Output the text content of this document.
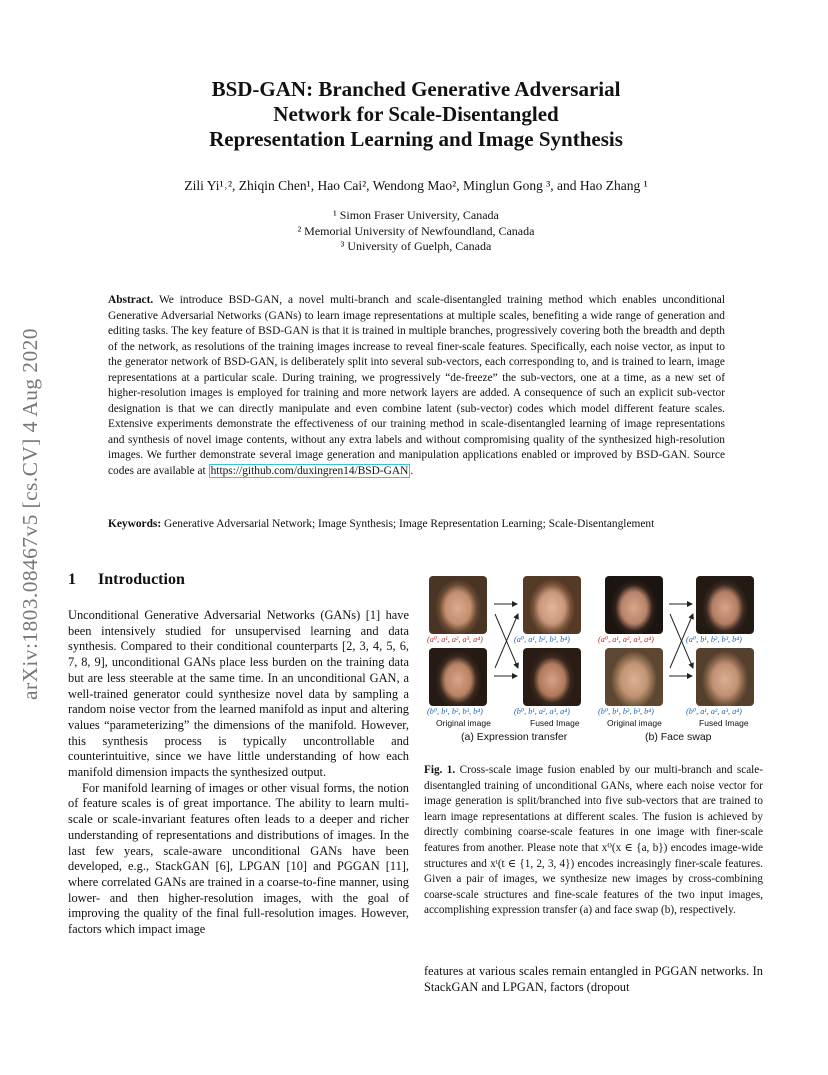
arXiv:1803.08467v5 [cs.CV] 4 Aug 2020
BSD-GAN: Branched Generative Adversarial
Network for Scale-Disentangled
Representation Learning and Image Synthesis
Zili Yi¹˒², Zhiqin Chen¹, Hao Cai², Wendong Mao², Minglun Gong ³, and Hao Zhang ¹
¹ Simon Fraser University, Canada
² Memorial University of Newfoundland, Canada
³ University of Guelph, Canada
Abstract. We introduce BSD-GAN, a novel multi-branch and scale-disentangled training method which enables unconditional Generative Adversarial Networks (GANs) to learn image representations at multiple scales, benefiting a wide range of generation and editing tasks. The key feature of BSD-GAN is that it is trained in multiple branches, progressively covering both the breadth and depth of the network, as resolutions of the training images increase to reveal finer-scale features. Specifically, each noise vector, as input to the generator network of BSD-GAN, is deliberately split into several sub-vectors, each corresponding to, and is trained to learn, image representations at a particular scale. During training, we progressively “de-freeze” the sub-vectors, one at a time, as a new set of higher-resolution images is employed for training and more network layers are added. A consequence of such an explicit sub-vector designation is that we can directly manipulate and even combine latent (sub-vector) codes which model different feature scales. Extensive experiments demonstrate the effectiveness of our training method in scale-disentangled learning of image representations and synthesis of novel image contents, without any extra labels and without compromising quality of the synthesized high-resolution images. We further demonstrate several image generation and manipulation applications enabled or improved by BSD-GAN. Source codes are available at https://github.com/duxingren14/BSD-GAN .
Keywords: Generative Adversarial Network; Image Synthesis; Image Representation Learning; Scale-Disentanglement
1 Introduction

Unconditional Generative Adversarial Networks (GANs) [1] have been intensively studied for unsupervised learning and data synthesis. Compared to their conditional counterparts [2, 3, 4, 5, 6, 7, 8, 9], unconditional GANs place less burden on the training data but are less steerable at the same time. In an unconditional GAN, a well-trained generator could synthesize novel data by sampling a random noise vector from the learned manifold as input and altering values “parameterizing” the dimensions of the manifold. However, this synthesis process is typically uncontrollable and counterintuitive, since we have little understanding of how each manifold dimension impacts the synthesized output.

For manifold learning of images or other visual forms, the notion of feature scales is of great importance. The ability to learn multi-scale or scale-invariant features often leads to a deeper and richer understanding of representations and distributions of images. In the last few years, scale-aware unconditional GANs have been developed, e.g., StackGAN [6], LPGAN [10] and PGGAN [11], where correlated GANs are trained in a coarse-to-fine manner, using lower- and then higher-resolution images, with the goal of improving the quality of the final full-resolution images. However, factors which impact image

(a⁰, a¹, a², a³, a⁴)	(a⁰, a¹, b², b³, b⁴)
(b⁰, b¹, b², b³, b⁴)	(b⁰, b¹, a², a³, a⁴)
(a⁰, a¹, a², a³, a⁴)	(a⁰, b¹, b², b³, b⁴)
(b⁰, b¹, b², b³, b⁴)	(b⁰, a¹, a², a³, a⁴)
Original image	Fused Image	Original image	Fused Image
(a) Expression transfer	(b) Face swap
Fig. 1. Cross-scale image fusion enabled by our multi-branch and scale-disentangled training of unconditional GANs, where each noise vector for image generation is split/branched into five sub-vectors that are trained to learn image representations at different scales. The fusion is achieved by directly combining coarse-scale features in one image with finer-scale features from another. Please note that x⁰(x ∈ {a, b}) encodes image-wide structures and xᵗ(t ∈ {1, 2, 3, 4}) encodes increasingly finer-scale features. Given a pair of images, we synthesize new images by cross-combining coarse-scale structures and fine-scale features of the two input images, accomplishing expression transfer (a) and face swap (b), respectively.
features at various scales remain entangled in PGGAN networks. In StackGAN and LPGAN, factors (dropout
